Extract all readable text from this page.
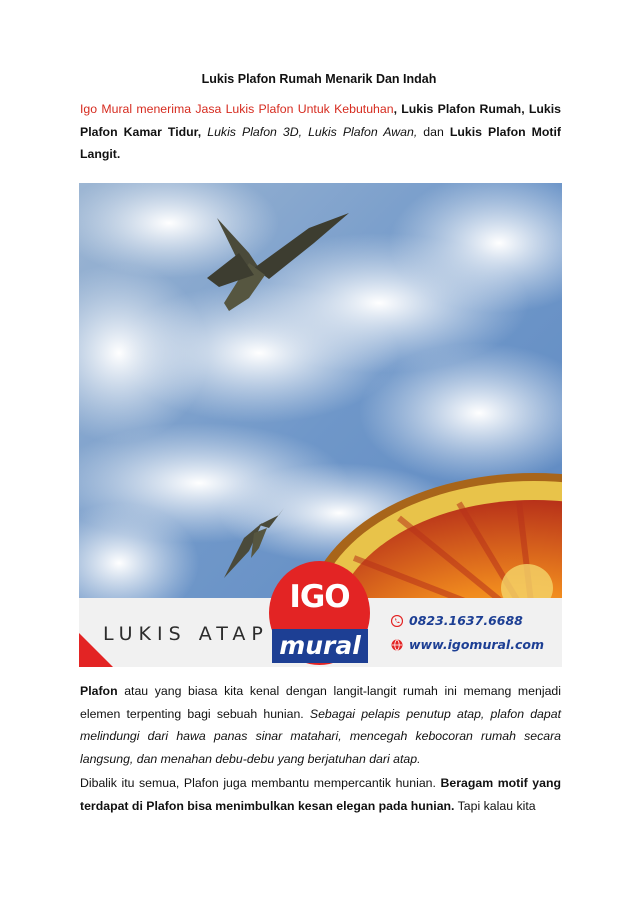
Lukis Plafon Rumah Menarik Dan Indah

Igo Mural menerima Jasa Lukis Plafon Untuk Kebutuhan, Lukis Plafon Rumah, Lukis Plafon Kamar Tidur, Lukis Plafon 3D, Lukis Plafon Awan, dan Lukis Plafon Motif Langit.

LUKIS ATAP
IGO
mural
0823.1637.6688
www.igomural.com

Plafon atau yang biasa kita kenal dengan langit-langit rumah ini memang menjadi elemen terpenting bagi sebuah hunian. Sebagai pelapis penutup atap, plafon dapat melindungi dari hawa panas sinar matahari, mencegah kebocoran rumah secara langsung, dan menahan debu-debu yang berjatuhan dari atap.

Dibalik itu semua, Plafon juga membantu mempercantik hunian. Beragam motif yang terdapat di Plafon bisa menimbulkan kesan elegan pada hunian. Tapi kalau kita
